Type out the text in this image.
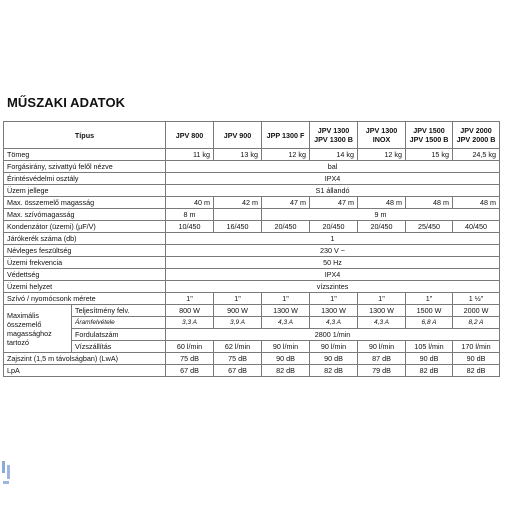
MŰSZAKI ADATOK
Típus		JPV 800	JPV 900	JPP 1300 F	JPV 1300 JPV 1300 B	JPV 1300 INOX	JPV 1500 JPV 1500 B	JPV 2000 JPV 2000 B
Tömeg		11 kg	13 kg	12 kg	14 kg	12 kg	15 kg	24,5 kg
Forgásirány, szivattyú felől nézve		bal						
Érintésvédelmi osztály		IPX4						
Üzem jellege		S1 állandó						
Max. összemelő magasság		40 m	42 m	47 m	47 m	48 m	48 m	48 m
Max. szívómagasság		8 m		9 m				
Kondenzátor (üzemi) (µF/V)		10/450	16/450	20/450	20/450	20/450	25/450	40/450
Járókerék száma (db)		1						
Névleges feszültség		230 V ~						
Üzemi frekvencia		50 Hz						
Védettség		IPX4						
Üzemi helyzet		vízszintes						
Szívó / nyomócsonk mérete		1"	1"	1"	1"	1"	1"	1 ½"
Maximális összemelő magassághoz tartozó	Teljesítmény felv.	800 W	900 W	1300 W	1300 W	1300 W	1500 W	2000 W
	Áramfelvétele	3,3 A	3,9 A	4,3 A	4,3 A	4,3 A	6,8 A	8,2 A
	Fordulatszám	2800 1/min						
	Vízszállítás	60 l/min	62 l/min	90 l/min	90 l/min	90 l/min	105 l/min	170 l/min
Zajszint (1,5 m távolságban) (LwA)		75 dB	75 dB	90 dB	90 dB	87 dB	90 dB	90 dB
LpA		67 dB	67 dB	82 dB	82 dB	79 dB	82 dB	82 dB
